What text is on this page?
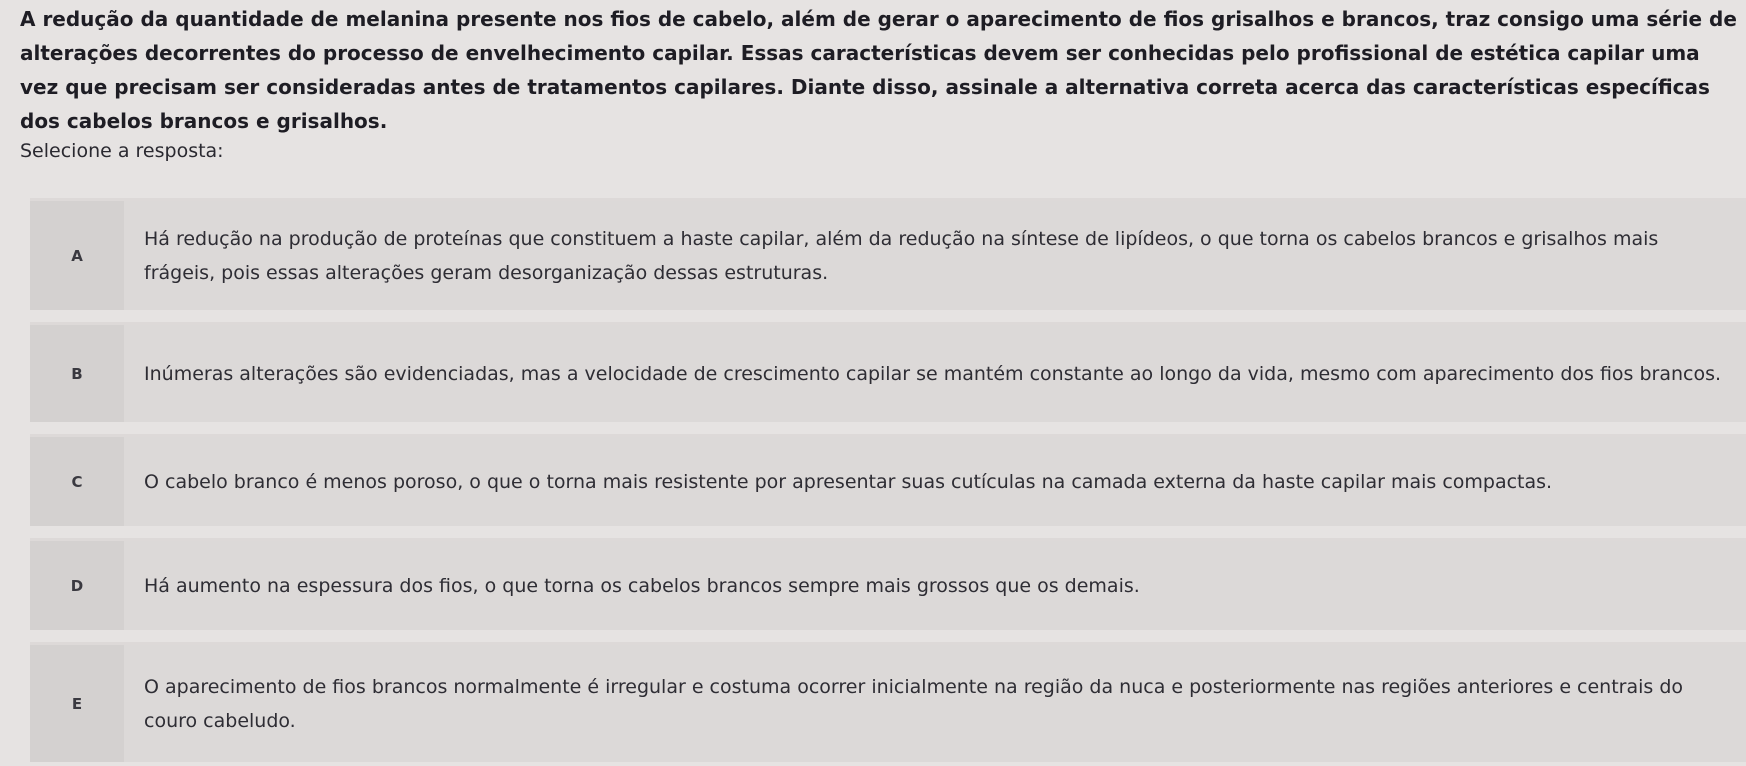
A redução da quantidade de melanina presente nos fios de cabelo, além de gerar o aparecimento de fios grisalhos e brancos, traz consigo uma série de alterações decorrentes do processo de envelhecimento capilar. Essas características devem ser conhecidas pelo profissional de estética capilar uma vez que precisam ser consideradas antes de tratamentos capilares. Diante disso, assinale a alternativa correta acerca das características específicas dos cabelos brancos e grisalhos.

Selecione a resposta:

A
Há redução na produção de proteínas que constituem a haste capilar, além da redução na síntese de lipídeos, o que torna os cabelos brancos e grisalhos mais frágeis, pois essas alterações geram desorganização dessas estruturas.
B	Inúmeras alterações são evidenciadas, mas a velocidade de crescimento capilar se mantém constante ao longo da vida, mesmo com aparecimento dos fios brancos.
C	O cabelo branco é menos poroso, o que o torna mais resistente por apresentar suas cutículas na camada externa da haste capilar mais compactas.
D	Há aumento na espessura dos fios, o que torna os cabelos brancos sempre mais grossos que os demais.
E
O aparecimento de fios brancos normalmente é irregular e costuma ocorrer inicialmente na região da nuca e posteriormente nas regiões anteriores e centrais do couro cabeludo.
